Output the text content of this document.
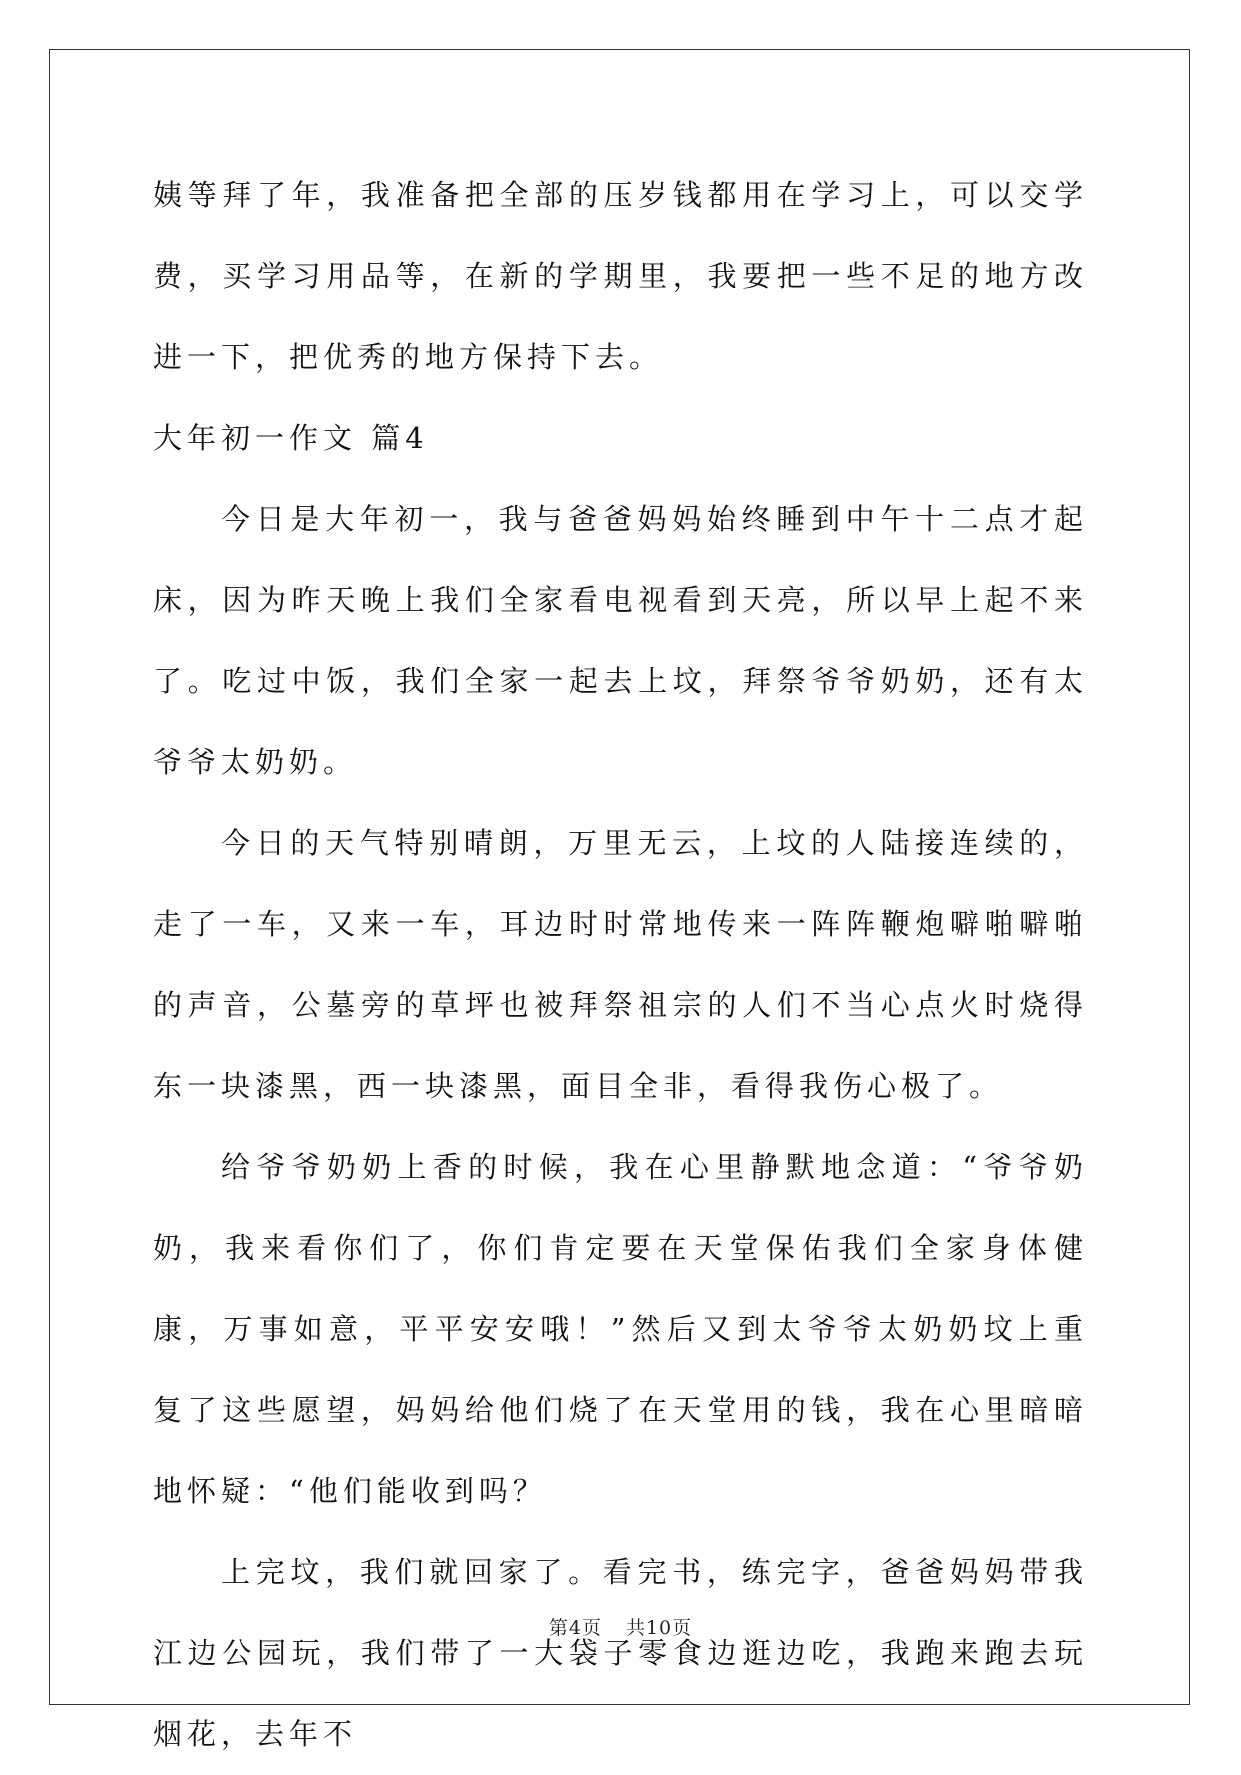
姨等拜了年，我准备把全部的压岁钱都用在学习上，可以交学费，买学习用品等，在新的学期里，我要把一些不足的地方改进一下，把优秀的地方保持下去。

大年初一作文 篇4

今日是大年初一，我与爸爸妈妈始终睡到中午十二点才起床，因为昨天晚上我们全家看电视看到天亮，所以早上起不来了。吃过中饭，我们全家一起去上坟，拜祭爷爷奶奶，还有太爷爷太奶奶。

今日的天气特别晴朗，万里无云，上坟的人陆接连续的，走了一车，又来一车，耳边时时常地传来一阵阵鞭炮噼啪噼啪的声音，公墓旁的草坪也被拜祭祖宗的人们不当心点火时烧得东一块漆黑，西一块漆黑，面目全非，看得我伤心极了。

给爷爷奶奶上香的时候，我在心里静默地念道：“爷爷奶奶，我来看你们了，你们肯定要在天堂保佑我们全家身体健康，万事如意，平平安安哦！”然后又到太爷爷太奶奶坟上重复了这些愿望，妈妈给他们烧了在天堂用的钱，我在心里暗暗地怀疑：“他们能收到吗？

上完坟，我们就回家了。看完书，练完字，爸爸妈妈带我江边公园玩，我们带了一大袋子零食边逛边吃，我跑来跑去玩烟花，去年不

第4页 共10页
